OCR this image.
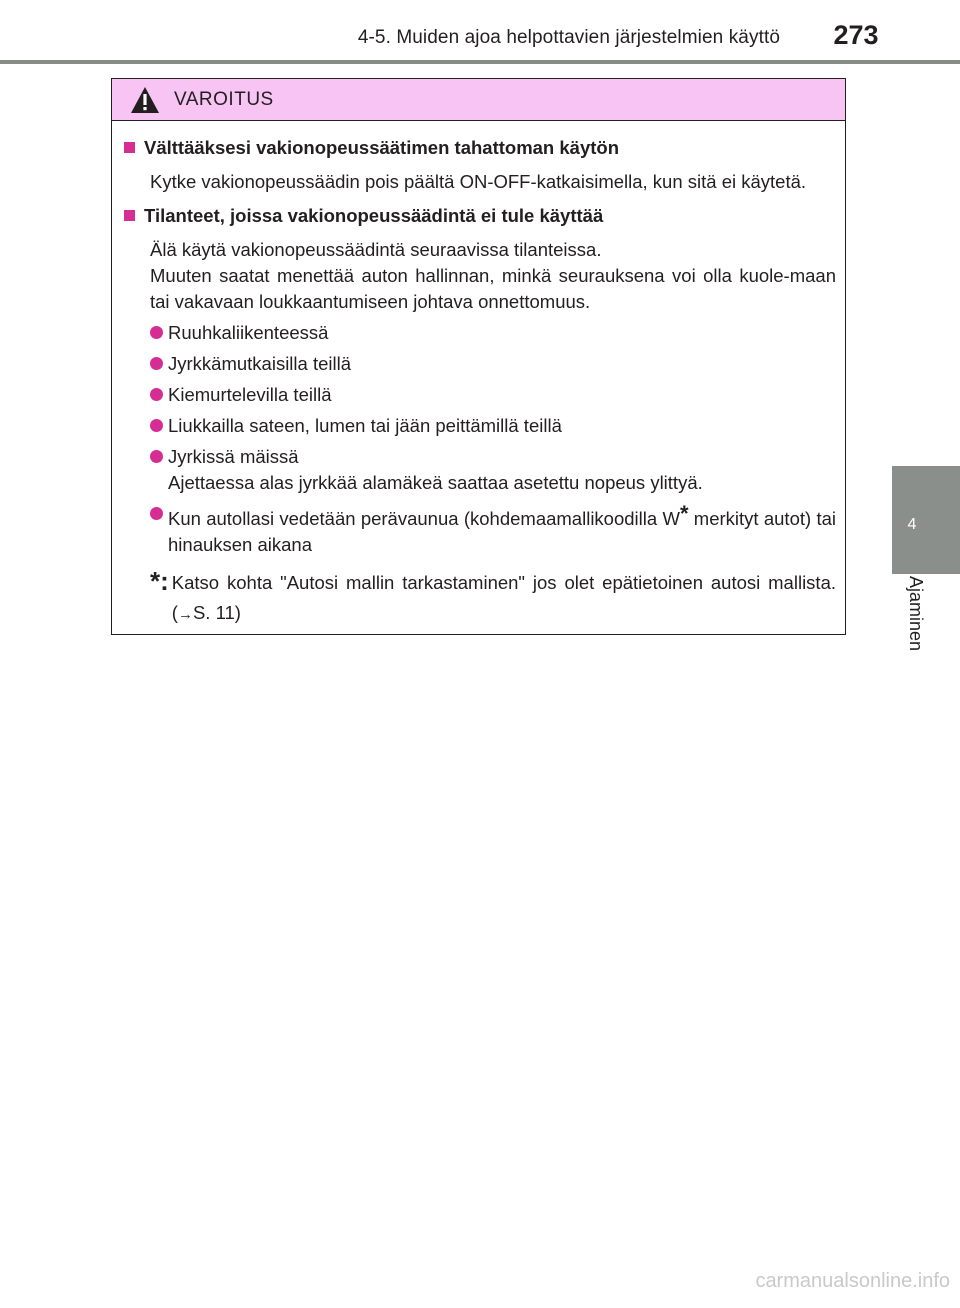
4-5. Muiden ajoa helpottavien järjestelmien käyttö 273
4
Ajaminen
VAROITUS
Välttääksesi vakionopeussäätimen tahattoman käytön
Kytke vakionopeussäädin pois päältä ON-OFF-katkaisimella, kun sitä ei käytetä.
Tilanteet, joissa vakionopeussäädintä ei tule käyttää
Älä käytä vakionopeussäädintä seuraavissa tilanteissa.
Muuten saatat menettää auton hallinnan, minkä seurauksena voi olla kuole-maan tai vakavaan loukkaantumiseen johtava onnettomuus.
Ruuhkaliikenteessä
Jyrkkämutkaisilla teillä
Kiemurtelevilla teillä
Liukkailla sateen, lumen tai jään peittämillä teillä
Jyrkissä mäissä
Ajettaessa alas jyrkkää alamäkeä saattaa asetettu nopeus ylittyä.
Kun autollasi vedetään perävaunua (kohdemaamallikoodilla W* merkityt autot) tai hinauksen aikana
*: Katso kohta "Autosi mallin tarkastaminen" jos olet epätietoinen autosi mallista. (→S. 11)
carmanualsonline.info
